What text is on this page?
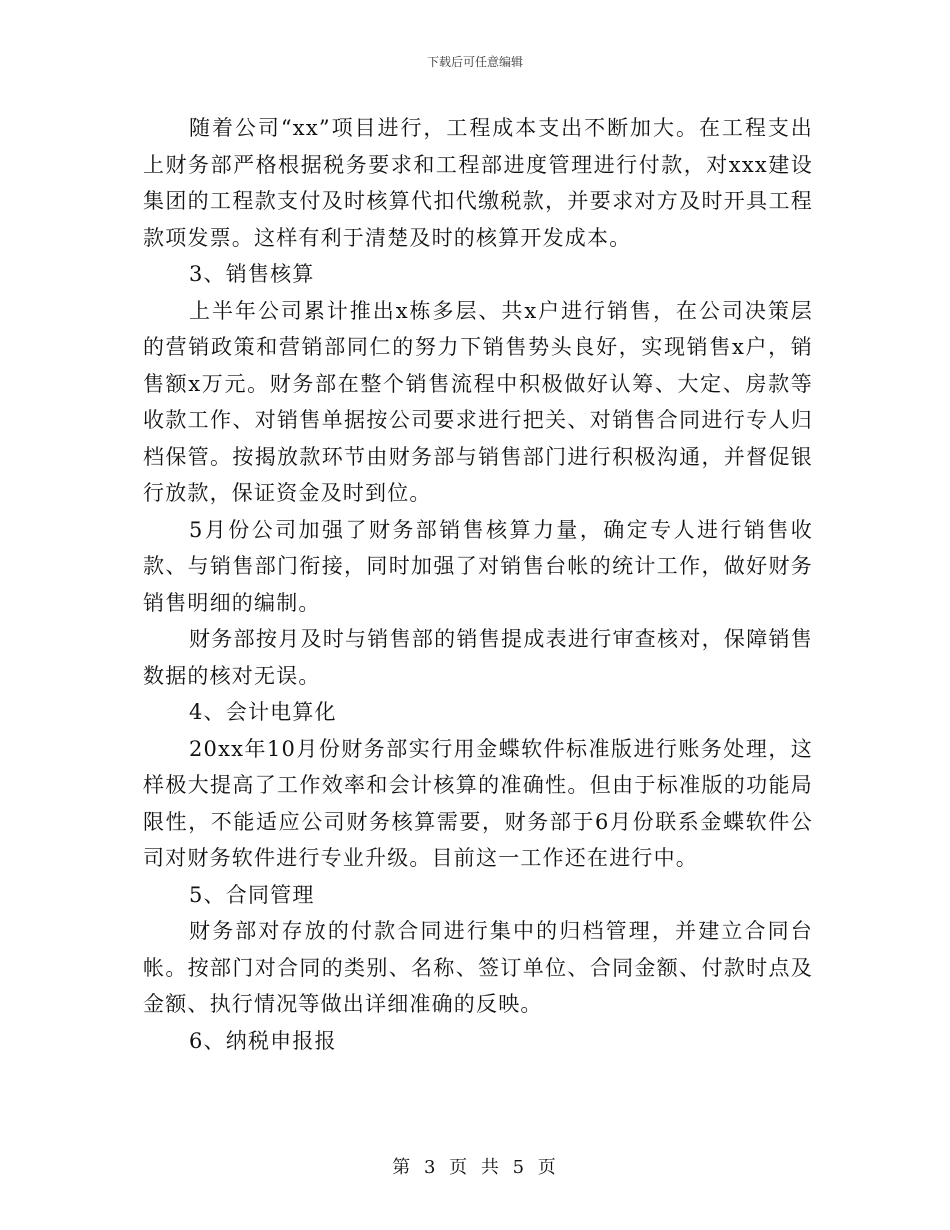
下载后可任意编辑

随着公司“xx”项目进行，工程成本支出不断加大。在工程支出上财务部严格根据税务要求和工程部进度管理进行付款，对xxx建设集团的工程款支付及时核算代扣代缴税款，并要求对方及时开具工程款项发票。这样有利于清楚及时的核算开发成本。

3、销售核算

上半年公司累计推出x栋多层、共x户进行销售，在公司决策层的营销政策和营销部同仁的努力下销售势头良好，实现销售x户，销售额x万元。财务部在整个销售流程中积极做好认筹、大定、房款等收款工作、对销售单据按公司要求进行把关、对销售合同进行专人归档保管。按揭放款环节由财务部与销售部门进行积极沟通，并督促银行放款，保证资金及时到位。

5月份公司加强了财务部销售核算力量，确定专人进行销售收款、与销售部门衔接，同时加强了对销售台帐的统计工作，做好财务销售明细的编制。

财务部按月及时与销售部的销售提成表进行审查核对，保障销售数据的核对无误。

4、会计电算化

20xx年10月份财务部实行用金蝶软件标准版进行账务处理，这样极大提高了工作效率和会计核算的准确性。但由于标准版的功能局限性，不能适应公司财务核算需要，财务部于6月份联系金蝶软件公司对财务软件进行专业升级。目前这一工作还在进行中。

5、合同管理

财务部对存放的付款合同进行集中的归档管理，并建立合同台帐。按部门对合同的类别、名称、签订单位、合同金额、付款时点及金额、执行情况等做出详细准确的反映。

6、纳税申报报

第 3 页 共 5 页
